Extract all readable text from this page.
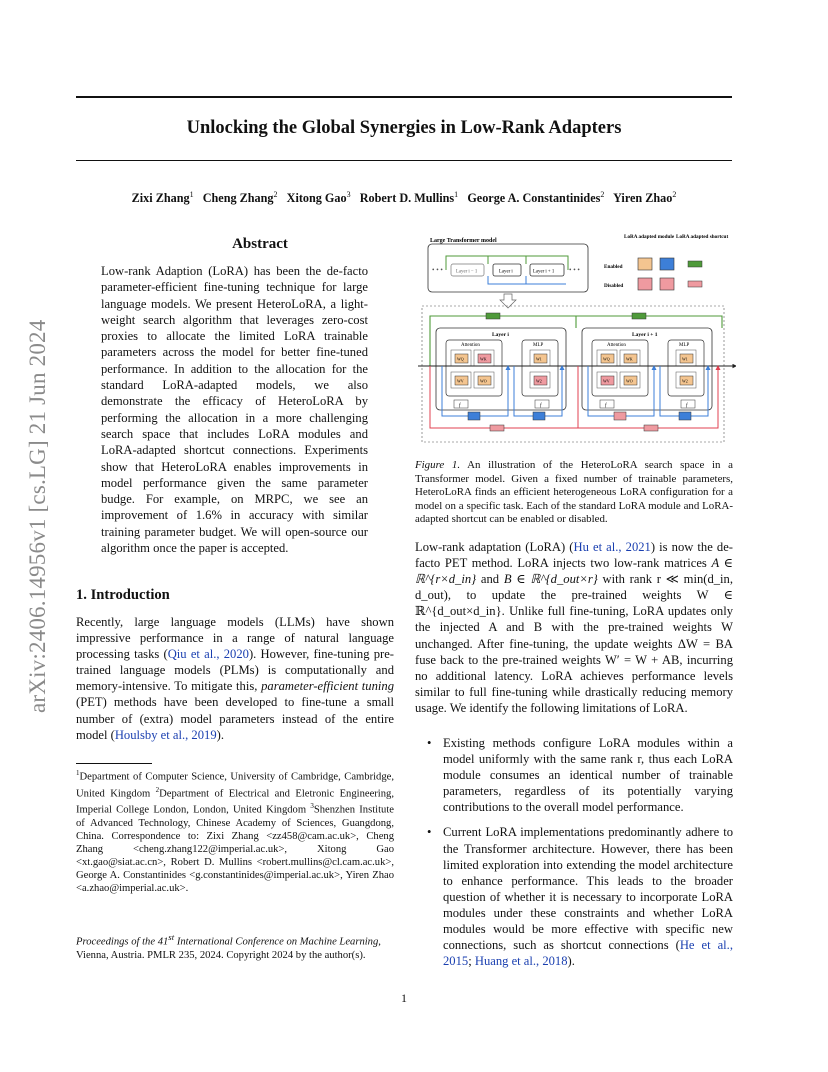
Unlocking the Global Synergies in Low-Rank Adapters
Zixi Zhang$^1$ Cheng Zhang$^2$ Xitong Gao$^3$ Robert D. Mullins$^1$ George A. Constantinides$^2$ Yiren Zhao$^2$
arXiv:2406.14956v1 [cs.LG] 21 Jun 2024
Abstract
Low-rank Adaption (LoRA) has been the de-facto parameter-efficient fine-tuning technique for large language models. We present HeteroLoRA, a light-weight search algorithm that leverages zero-cost proxies to allocate the limited LoRA trainable parameters across the model for better fine-tuned performance. In addition to the allocation for the standard LoRA-adapted models, we also demonstrate the efficacy of HeteroLoRA by performing the allocation in a more challenging search space that includes LoRA modules and LoRA-adapted shortcut connections. Experiments show that HeteroLoRA enables improvements in model performance given the same parameter budge. For example, on MRPC, we see an improvement of 1.6% in accuracy with similar training parameter budget. We will open-source our algorithm once the paper is accepted.
1. Introduction
Recently, large language models (LLMs) have shown impressive performance in a range of natural language processing tasks (Qiu et al., 2020). However, fine-tuning pre-trained language models (PLMs) is computationally and memory-intensive. To mitigate this, parameter-efficient tuning (PET) methods have been developed to fine-tune a small number of (extra) model parameters instead of the entire model (Houlsby et al., 2019).
$^1$Department of Computer Science, University of Cambridge, Cambridge, United Kingdom $^2$Department of Electrical and Eletronic Engineering, Imperial College London, London, United Kingdom $^3$Shenzhen Institute of Advanced Technology, Chinese Academy of Sciences, Guangdong, China. Correspondence to: Zixi Zhang <zz458@cam.ac.uk>, Cheng Zhang <cheng.zhang122@imperial.ac.uk>, Xitong Gao <xt.gao@siat.ac.cn>, Robert D. Mullins <robert.mullins@cl.cam.ac.uk>, George A. Constantinides <g.constantinides@imperial.ac.uk>, Yiren Zhao <a.zhao@imperial.ac.uk>.
Proceedings of the 41st International Conference on Machine Learning, Vienna, Austria. PMLR 235, 2024. Copyright 2024 by the author(s).
1
Large Transformer model
• • •	Layer i − 1	Layer i	Layer i + 1 • • •
LoRA adapted module LoRA adapted shortcut
Enabled
Disabled
Layer i
Attention	MLP
WQ	WK
WV	WO
W1
W2
f	f
Layer i + 1
Attention	MLP
WQ	WK
WV	WO
W1
W2
f	f
Figure 1. An illustration of the HeteroLoRA search space in a Transformer model. Given a fixed number of trainable parameters, HeteroLoRA finds an efficient heterogeneous LoRA configuration for a model on a specific task. Each of the standard LoRA module and LoRA-adapted shortcut can be enabled or disabled.
Low-rank adaptation (LoRA) (Hu et al., 2021) is now the de-facto PET method. LoRA injects two low-rank matrices A ∈ ℝ^{r×d_in} and B ∈ ℝ^{d_out×r} with rank r ≪ min(d_in, d_out), to update the pre-trained weights W ∈ ℝ^{d_out×d_in}. Unlike full fine-tuning, LoRA updates only the injected A and B with the pre-trained weights W unchanged. After fine-tuning, the update weights ΔW = BA fuse back to the pre-trained weights W′ = W + AB, incurring no additional latency. LoRA achieves performance levels similar to full fine-tuning while drastically reducing memory usage. We identify the following limitations of LoRA.
• Existing methods configure LoRA modules within a model uniformly with the same rank r, thus each LoRA module consumes an identical number of trainable parameters, regardless of its potentially varying contributions to the overall model performance.
• Current LoRA implementations predominantly adhere to the Transformer architecture. However, there has been limited exploration into extending the model architecture to enhance performance. This leads to the broader question of whether it is necessary to incorporate LoRA modules under these constraints and whether LoRA modules would be more effective with specific new connections, such as shortcut connections (He et al., 2015; Huang et al., 2018).
